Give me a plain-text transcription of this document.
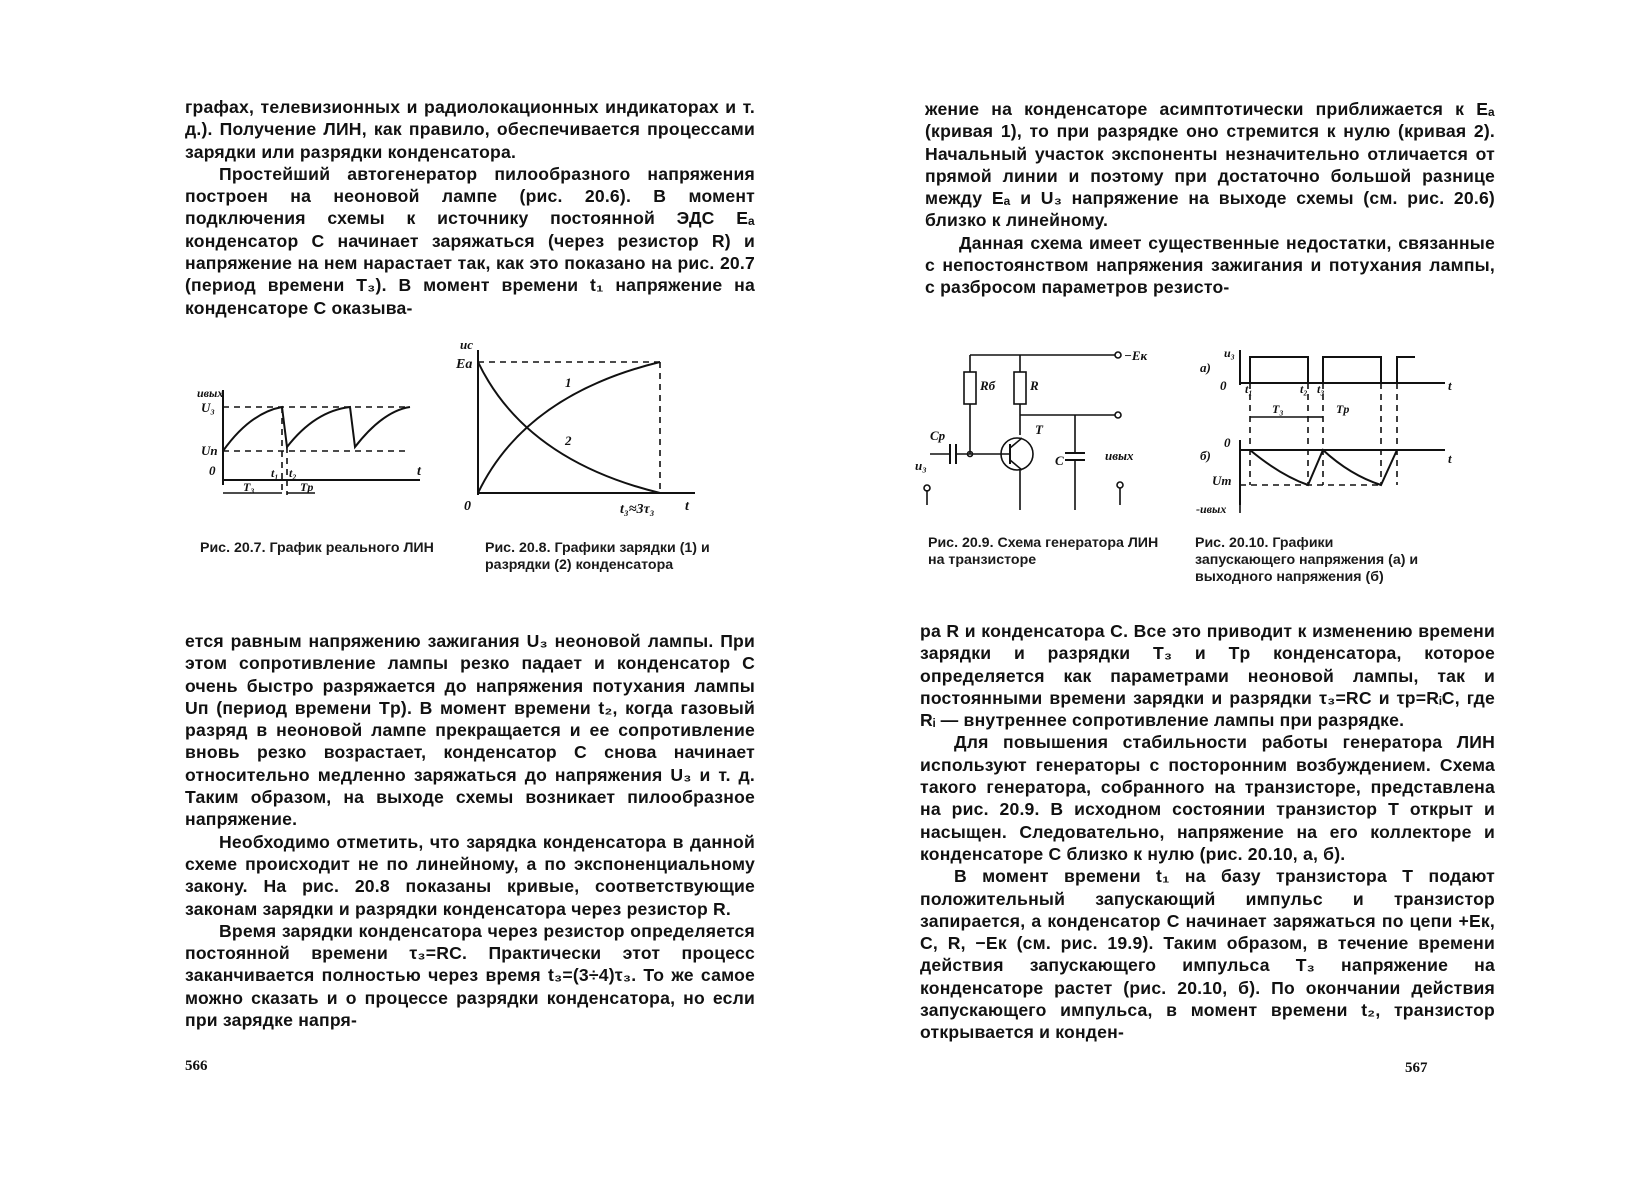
графах, телевизионных и радиолокационных индикаторах и т. д.). Получение ЛИН, как правило, обеспечивается процессами зарядки или разрядки конденсатора.

Простейший автогенератор пилообразного напряжения построен на неоновой лампе (рис. 20.6). В момент подключения схемы к источнику постоянной ЭДС Eₐ конденсатор C начинает заряжаться (через резистор R) и напряжение на нем нарастает так, как это показано на рис. 20.7 (период времени T₃). В момент времени t₁ напряжение на конденсаторе C оказыва-

uвых
U₃
Uп
0	t
T₃
t₁ t₂
Tр
Рис. 20.7. График реального ЛИН
uc
Ea
1
2
0	t₃≈3τ₃ t
Рис. 20.8. Графики зарядки (1) и разрядки (2) конденсатора

ется равным напряжению зажигания U₃ неоновой лампы. При этом сопротивление лампы резко падает и конденсатор C очень быстро разряжается до напряжения потухания лампы Uп (период времени Tр). В момент времени t₂, когда газовый разряд в неоновой лампе прекращается и ее сопротивление вновь резко возрастает, конденсатор C снова начинает относительно медленно заряжаться до напряжения U₃ и т. д. Таким образом, на выходе схемы возникает пилообразное напряжение.

Необходимо отметить, что зарядка конденсатора в данной схеме происходит не по линейному, а по экспоненциальному закону. На рис. 20.8 показаны кривые, соответствующие законам зарядки и разрядки конденсатора через резистор R.

Время зарядки конденсатора через резистор определяется постоянной времени τ₃=RC. Практически этот процесс заканчивается полностью через время t₃=(3÷4)τ₃. То же самое можно сказать и о процессе разрядки конденсатора, но если при зарядке напря-

566

жение на конденсаторе асимптотически приближается к Eₐ (кривая 1), то при разрядке оно стремится к нулю (кривая 2). Начальный участок экспоненты незначительно отличается от прямой линии и поэтому при достаточно большой разнице между Eₐ и U₃ напряжение на выходе схемы (см. рис. 20.6) близко к линейному.

Данная схема имеет существенные недостатки, связанные с непостоянством напряжения зажигания и потухания лампы, с разбросом параметров резисто-

−Eк
Rб	R
T
Cр
C
u₃
uвых
Рис. 20.9. Схема генератора ЛИН на транзисторе
а)
u₃
0	t
t₁	t₂ t₃
T₃	Tр
б)
0
t
Um
-uвых
Рис. 20.10. Графики запускающего напряжения (а) и выходного напряжения (б)

ра R и конденсатора C. Все это приводит к изменению времени зарядки и разрядки T₃ и Tр конденсатора, которое определяется как параметрами неоновой лампы, так и постоянными времени зарядки и разрядки τ₃=RC и τр=RᵢC, где Rᵢ — внутреннее сопротивление лампы при разрядке.

Для повышения стабильности работы генератора ЛИН используют генераторы с посторонним возбуждением. Схема такого генератора, собранного на транзисторе, представлена на рис. 20.9. В исходном состоянии транзистор T открыт и насыщен. Следовательно, напряжение на его коллекторе и конденсаторе C близко к нулю (рис. 20.10, а, б).

В момент времени t₁ на базу транзистора T подают положительный запускающий импульс и транзистор запирается, а конденсатор C начинает заряжаться по цепи +Eк, C, R, −Eк (см. рис. 19.9). Таким образом, в течение времени действия запускающего импульса T₃ напряжение на конденсаторе растет (рис. 20.10, б). По окончании действия запускающего импульса, в момент времени t₂, транзистор открывается и конден-

567
